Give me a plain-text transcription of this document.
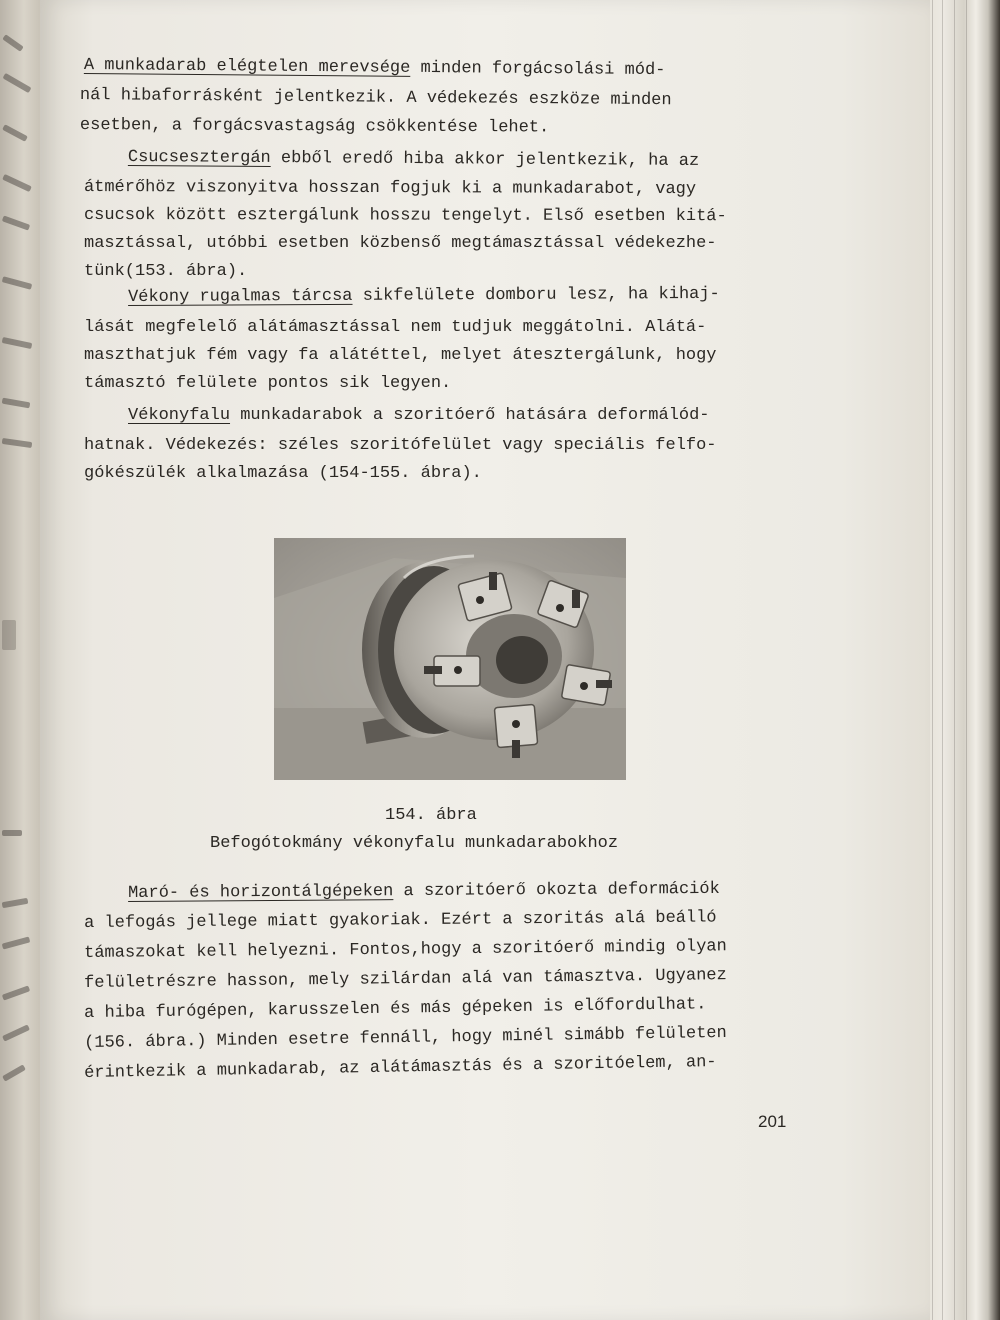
A munkadarab elégtelen merevsége minden forgácsolási mód-
nál hibaforrásként jelentkezik. A védekezés eszköze minden
esetben, a forgácsvastagság csökkentése lehet.
Csucsesztergán ebből eredő hiba akkor jelentkezik, ha az
átmérőhöz viszonyitva hosszan fogjuk ki a munkadarabot, vagy
csucsok között esztergálunk hosszu tengelyt. Első esetben kitá-
masztással, utóbbi esetben közbenső megtámasztással védekezhe-
tünk(153. ábra).
Vékony rugalmas tárcsa sikfelülete domboru lesz, ha kihaj-
lását megfelelő alátámasztással nem tudjuk meggátolni. Alátá-
maszthatjuk fém vagy fa alátéttel, melyet átesztergálunk, hogy
támasztó felülete pontos sik legyen.
Vékonyfalu munkadarabok a szoritóerő hatására deformálód-
hatnak. Védekezés: széles szoritófelület vagy speciális felfo-
gókészülék alkalmazása (154-155. ábra).
154. ábra
Befogótokmány vékonyfalu munkadarabokhoz
Maró- és horizontálgépeken a szoritóerő okozta deformációk
a lefogás jellege miatt gyakoriak. Ezért a szoritás alá beálló
támaszokat kell helyezni. Fontos,hogy a szoritóerő mindig olyan
felületrészre hasson, mely szilárdan alá van támasztva. Ugyanez
a hiba furógépen, karusszelen és más gépeken is előfordulhat.
(156. ábra.) Minden esetre fennáll, hogy minél simább felületen
érintkezik a munkadarab, az alátámasztás és a szoritóelem, an-
201
